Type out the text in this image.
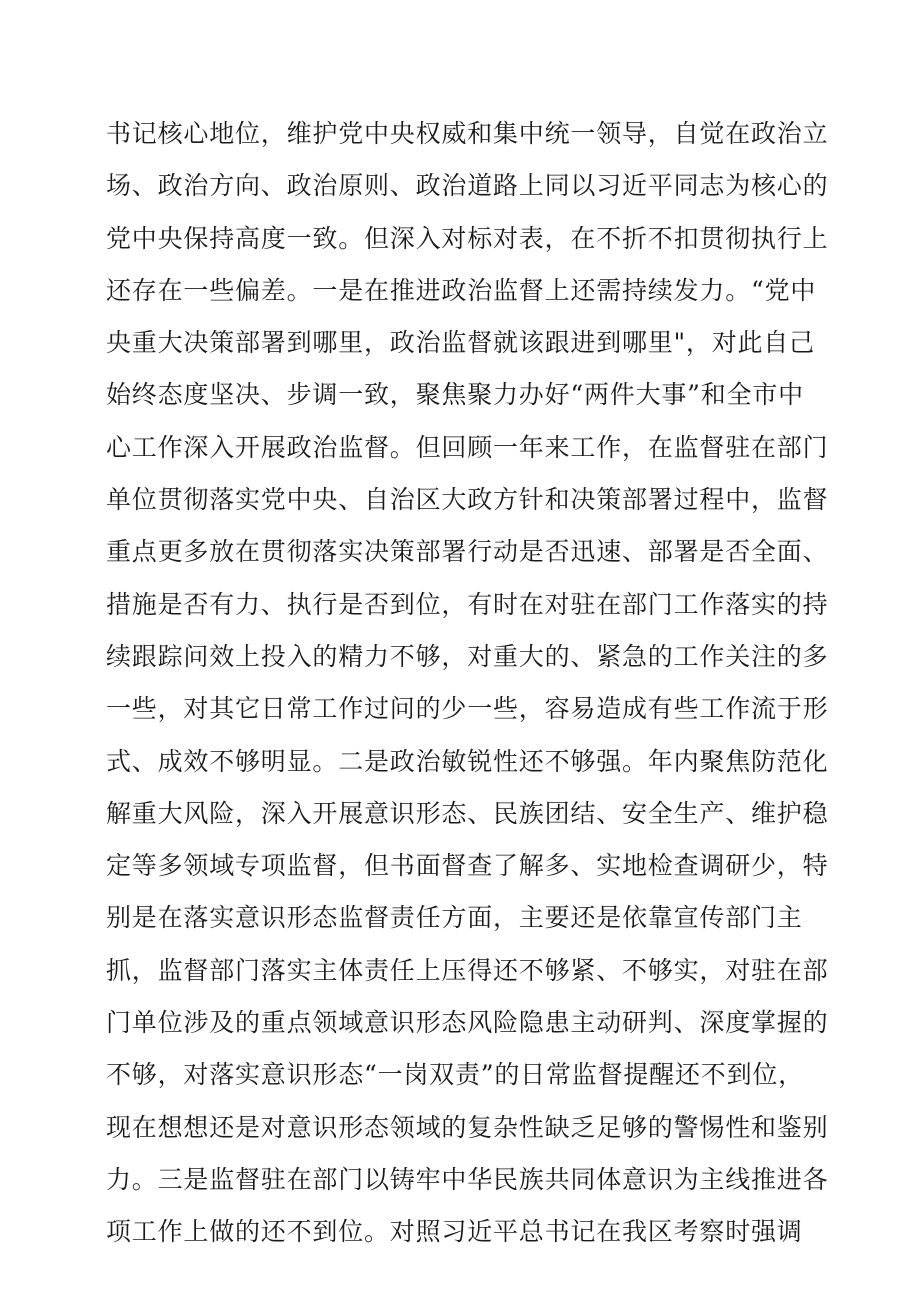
书记核心地位，维护党中央权威和集中统一领导，自觉在政治立
场、政治方向、政治原则、政治道路上同以习近平同志为核心的
党中央保持高度一致。但深入对标对表，在不折不扣贯彻执行上
还存在一些偏差。一是在推进政治监督上还需持续发力。“党中
央重大决策部署到哪里，政治监督就该跟进到哪里"，对此自己
始终态度坚决、步调一致，聚焦聚力办好“两件大事”和全市中
心工作深入开展政治监督。但回顾一年来工作，在监督驻在部门
单位贯彻落实党中央、自治区大政方针和决策部署过程中，监督
重点更多放在贯彻落实决策部署行动是否迅速、部署是否全面、
措施是否有力、执行是否到位，有时在对驻在部门工作落实的持
续跟踪问效上投入的精力不够，对重大的、紧急的工作关注的多
一些，对其它日常工作过问的少一些，容易造成有些工作流于形
式、成效不够明显。二是政治敏锐性还不够强。年内聚焦防范化
解重大风险，深入开展意识形态、民族团结、安全生产、维护稳
定等多领域专项监督，但书面督查了解多、实地检查调研少，特
别是在落实意识形态监督责任方面，主要还是依靠宣传部门主
抓，监督部门落实主体责任上压得还不够紧、不够实，对驻在部
门单位涉及的重点领域意识形态风险隐患主动研判、深度掌握的
不够，对落实意识形态“一岗双责”的日常监督提醒还不到位，
现在想想还是对意识形态领域的复杂性缺乏足够的警惕性和鉴别
力。三是监督驻在部门以铸牢中华民族共同体意识为主线推进各
项工作上做的还不到位。对照习近平总书记在我区考察时强调
